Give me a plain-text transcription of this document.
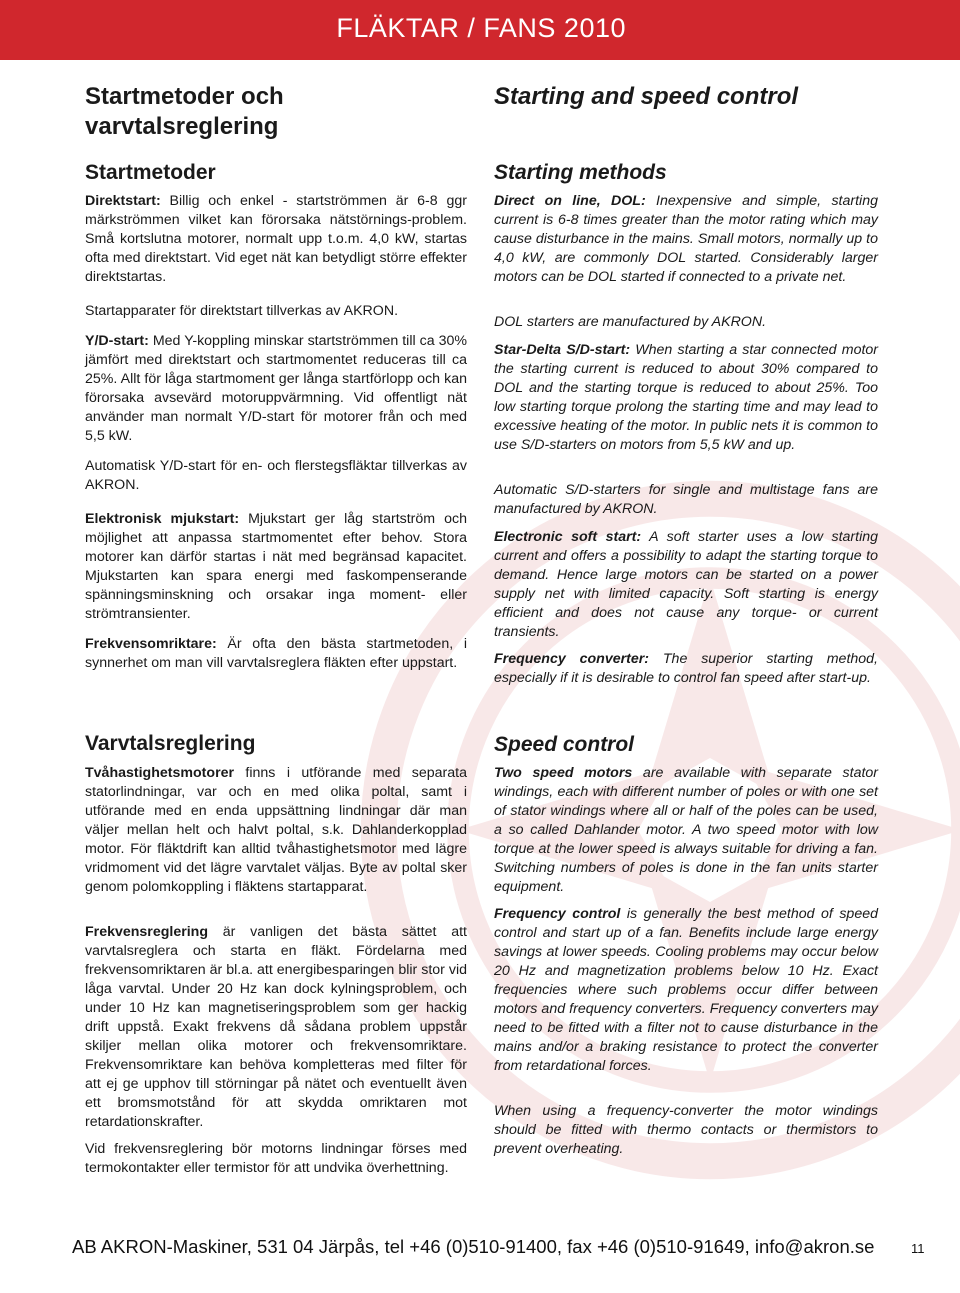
FLÄKTAR / FANS 2010
Startmetoder och
varvtalsreglering
Startmetoder

Direktstart: Billig och enkel - startströmmen är 6-8 ggr märkströmmen vilket kan förorsaka nätstörnings-problem. Små kortslutna motorer, normalt upp t.o.m. 4,0 kW, startas ofta med direktstart. Vid eget nät kan betydligt större effekter direktstartas.

Startapparater för direktstart tillverkas av AKRON.

Y/D-start: Med Y-koppling minskar startströmmen till ca 30% jämfört med direktstart och startmomentet reduceras till ca 25%. Allt för låga startmoment ger långa startförlopp och kan förorsaka avsevärd motoruppvärmning. Vid offentligt nät använder man normalt Y/D-start för motorer från och med 5,5 kW.

Automatisk Y/D-start för en- och flerstegsfläktar tillverkas av AKRON.

Elektronisk mjukstart: Mjukstart ger låg startström och möjlighet att anpassa startmomentet efter behov. Stora motorer kan därför startas i nät med begränsad kapacitet. Mjukstarten kan spara energi med faskompenserande spänningsminskning och orsakar inga moment- eller strömtransienter.

Frekvensomriktare: Är ofta den bästa startmetoden, i synnerhet om man vill varvtalsreglera fläkten efter uppstart.

Varvtalsreglering

Tvåhastighetsmotorer finns i utförande med separata statorlindningar, var och en med olika poltal, samt i utförande med en enda uppsättning lindningar där man väljer mellan helt och halvt poltal, s.k. Dahlanderkopplad motor. För fläktdrift kan alltid tvåhastighetsmotor med lägre vridmoment vid det lägre varvtalet väljas. Byte av poltal sker genom polomkoppling i fläktens startapparat.

Frekvensreglering är vanligen det bästa sättet att varvtalsreglera och starta en fläkt. Fördelarna med frekvensomriktaren är bl.a. att energibesparingen blir stor vid låga varvtal. Under 20 Hz kan dock kylningsproblem, och under 10 Hz kan magnetiseringsproblem som ger hackig drift uppstå. Exakt frekvens då sådana problem uppstår skiljer mellan olika motorer och frekvensomriktare. Frekvensomriktare kan behöva kompletteras med filter för att ej ge upphov till störningar på nätet och eventuellt även ett bromsmotstånd för att skydda omriktaren mot retardationskrafter.

Vid frekvensreglering bör motorns lindningar förses med termokontakter eller termistor för att undvika överhettning.

Starting and speed control
Starting methods

Direct on line, DOL: Inexpensive and simple, starting current is 6-8 times greater than the motor rating which may cause disturbance in the mains. Small motors, normally up to 4,0 kW, are commonly DOL started. Considerably larger motors can be DOL started if connected to a private net.

DOL starters are manufactured by AKRON.

Star-Delta S/D-start: When starting a star connected motor the starting current is reduced to about 30% compared to DOL and the starting torque is reduced to about 25%. Too low starting torque prolong the starting time and may lead to excessive heating of the motor. In public nets it is common to use S/D-starters on motors from 5,5 kW and up.

Automatic S/D-starters for single and multistage fans are manufactured by AKRON.

Electronic soft start: A soft starter uses a low starting current and offers a possibility to adapt the starting torque to demand. Hence large motors can be started on a power supply net with limited capacity. Soft starting is energy efficient and does not cause any torque- or current transients.

Frequency converter: The superior starting method, especially if it is desirable to control fan speed after start-up.

Speed control

Two speed motors are available with separate stator windings, each with different number of poles or with one set of stator windings where all or half of the poles can be used, a so called Dahlander motor. A two speed motor with low torque at the lower speed is always suitable for driving a fan. Switching numbers of poles is done in the fan units starter equipment.

Frequency control is generally the best method of speed control and start up of a fan. Benefits include large energy savings at lower speeds. Cooling problems may occur below 20 Hz and magnetization problems below 10 Hz. Exact frequencies where such problems occur differ between motors and frequency converters. Frequency converters may need to be fitted with a filter not to cause disturbance in the mains and/or a braking resistance to protect the converter from retardational forces.

When using a frequency-converter the motor windings should be fitted with thermo contacts or thermistors to prevent overheating.

AB AKRON-Maskiner, 531 04 Järpås, tel +46 (0)510-91400, fax +46 (0)510-91649, info@akron.se	11
